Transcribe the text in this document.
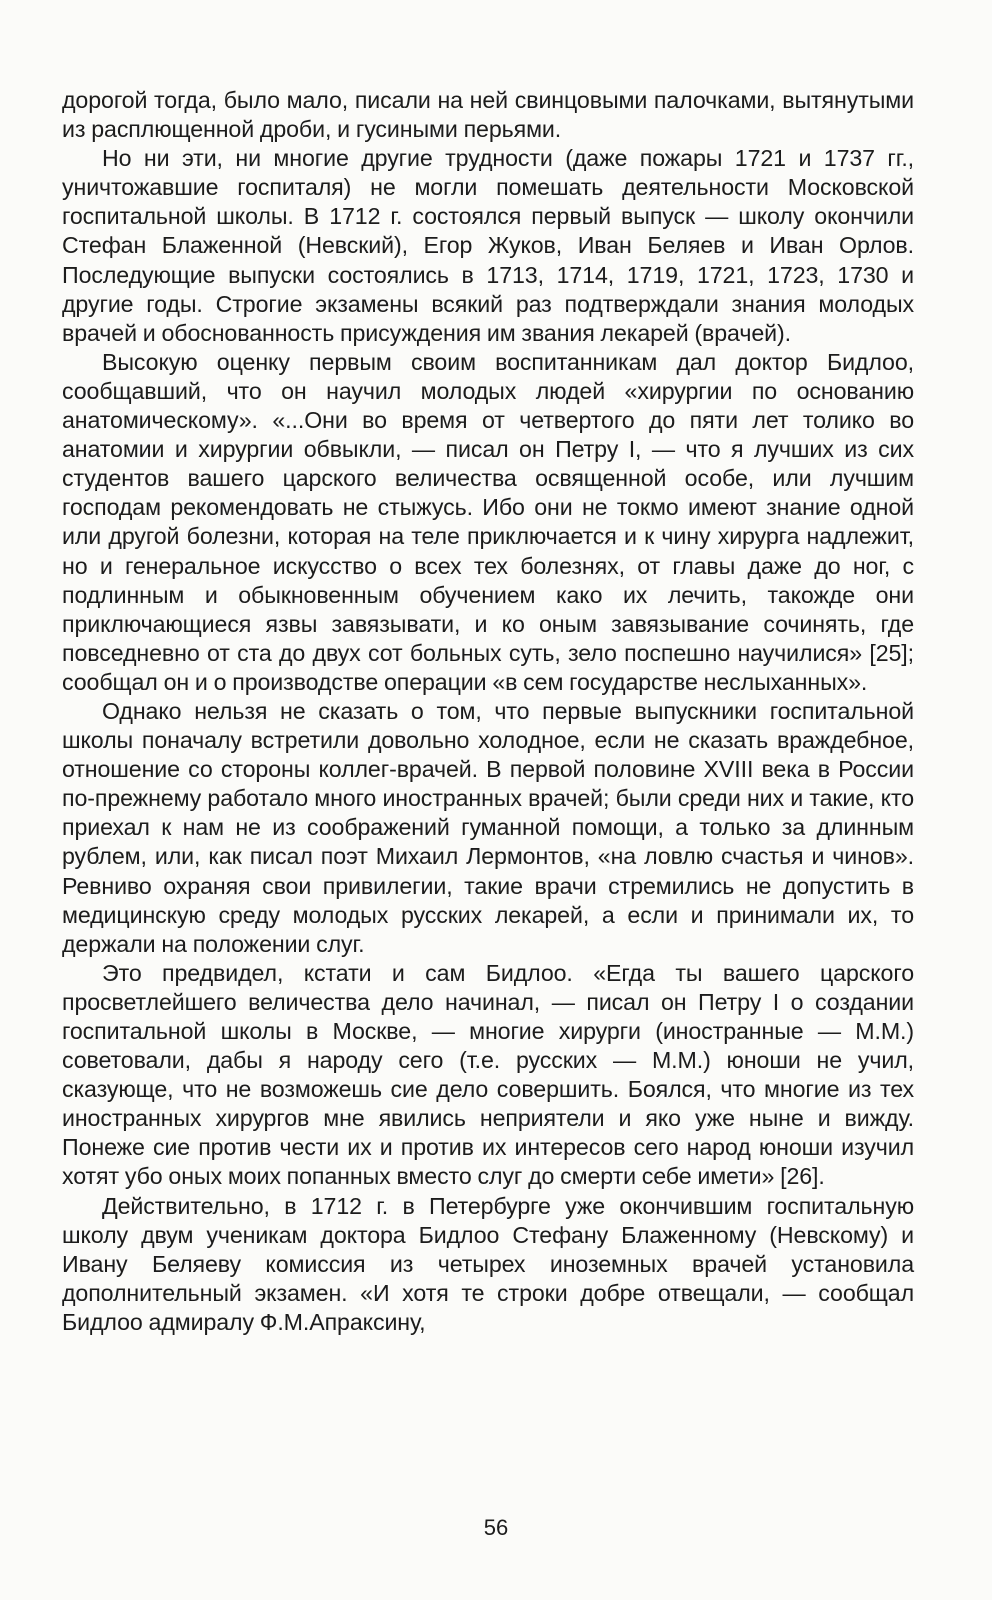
дорогой тогда, было мало, писали на ней свинцовыми палочками, вытянутыми из расплющенной дроби, и гусиными перьями.

Но ни эти, ни многие другие трудности (даже пожары 1721 и 1737 гг., уничтожавшие госпиталя) не могли помешать деятельности Московской госпитальной школы. В 1712 г. состоялся первый выпуск — школу окончили Стефан Блаженной (Невский), Егор Жуков, Иван Беляев и Иван Орлов. Последующие выпуски состоялись в 1713, 1714, 1719, 1721, 1723, 1730 и другие годы. Строгие экзамены всякий раз подтверждали знания молодых врачей и обоснованность присуждения им звания лекарей (врачей).

Высокую оценку первым своим воспитанникам дал доктор Бидлоо, сообщавший, что он научил молодых людей «хирургии по основанию анатомическому». «...Они во время от четвертого до пяти лет толико во анатомии и хирургии обвыкли, — писал он Петру I, — что я лучших из сих студентов вашего царского величества освященной особе, или лучшим господам рекомендовать не стыжусь. Ибо они не токмо имеют знание одной или другой болезни, которая на теле приключается и к чину хирурга надлежит, но и генеральное искусство о всех тех болезнях, от главы даже до ног, с подлинным и обыкновенным обучением како их лечить, такожде они приключающиеся язвы завязывати, и ко оным завязывание сочинять, где повседневно от ста до двух сот больных суть, зело поспешно научилися» [25]; сообщал он и о производстве операции «в сем государстве неслыханных».

Однако нельзя не сказать о том, что первые выпускники госпитальной школы поначалу встретили довольно холодное, если не сказать враждебное, отношение со стороны коллег-врачей. В первой половине XVIII века в России по-прежнему работало много иностранных врачей; были среди них и такие, кто приехал к нам не из соображений гуманной помощи, а только за длинным рублем, или, как писал поэт Михаил Лермонтов, «на ловлю счастья и чинов». Ревниво охраняя свои привилегии, такие врачи стремились не допустить в медицинскую среду молодых русских лекарей, а если и принимали их, то держали на положении слуг.

Это предвидел, кстати и сам Бидлоо. «Егда ты вашего царского просветлейшего величества дело начинал, — писал он Петру I о создании госпитальной школы в Москве, — многие хирурги (иностранные — М.М.) советовали, дабы я народу сего (т.е. русских — М.М.) юноши не учил, сказующе, что не возможешь сие дело совершить. Боялся, что многие из тех иностранных хирургов мне явились неприятели и яко уже ныне и вижду. Понеже сие против чести их и против их интересов сего народ юноши изучил хотят убо оных моих попанных вместо слуг до смерти себе имети» [26].

Действительно, в 1712 г. в Петербурге уже окончившим госпитальную школу двум ученикам доктора Бидлоо Стефану Блаженному (Невскому) и Ивану Беляеву комиссия из четырех иноземных врачей установила дополнительный экзамен. «И хотя те строки добре отвещали, — сообщал Бидлоо адмиралу Ф.М.Апраксину,

56
